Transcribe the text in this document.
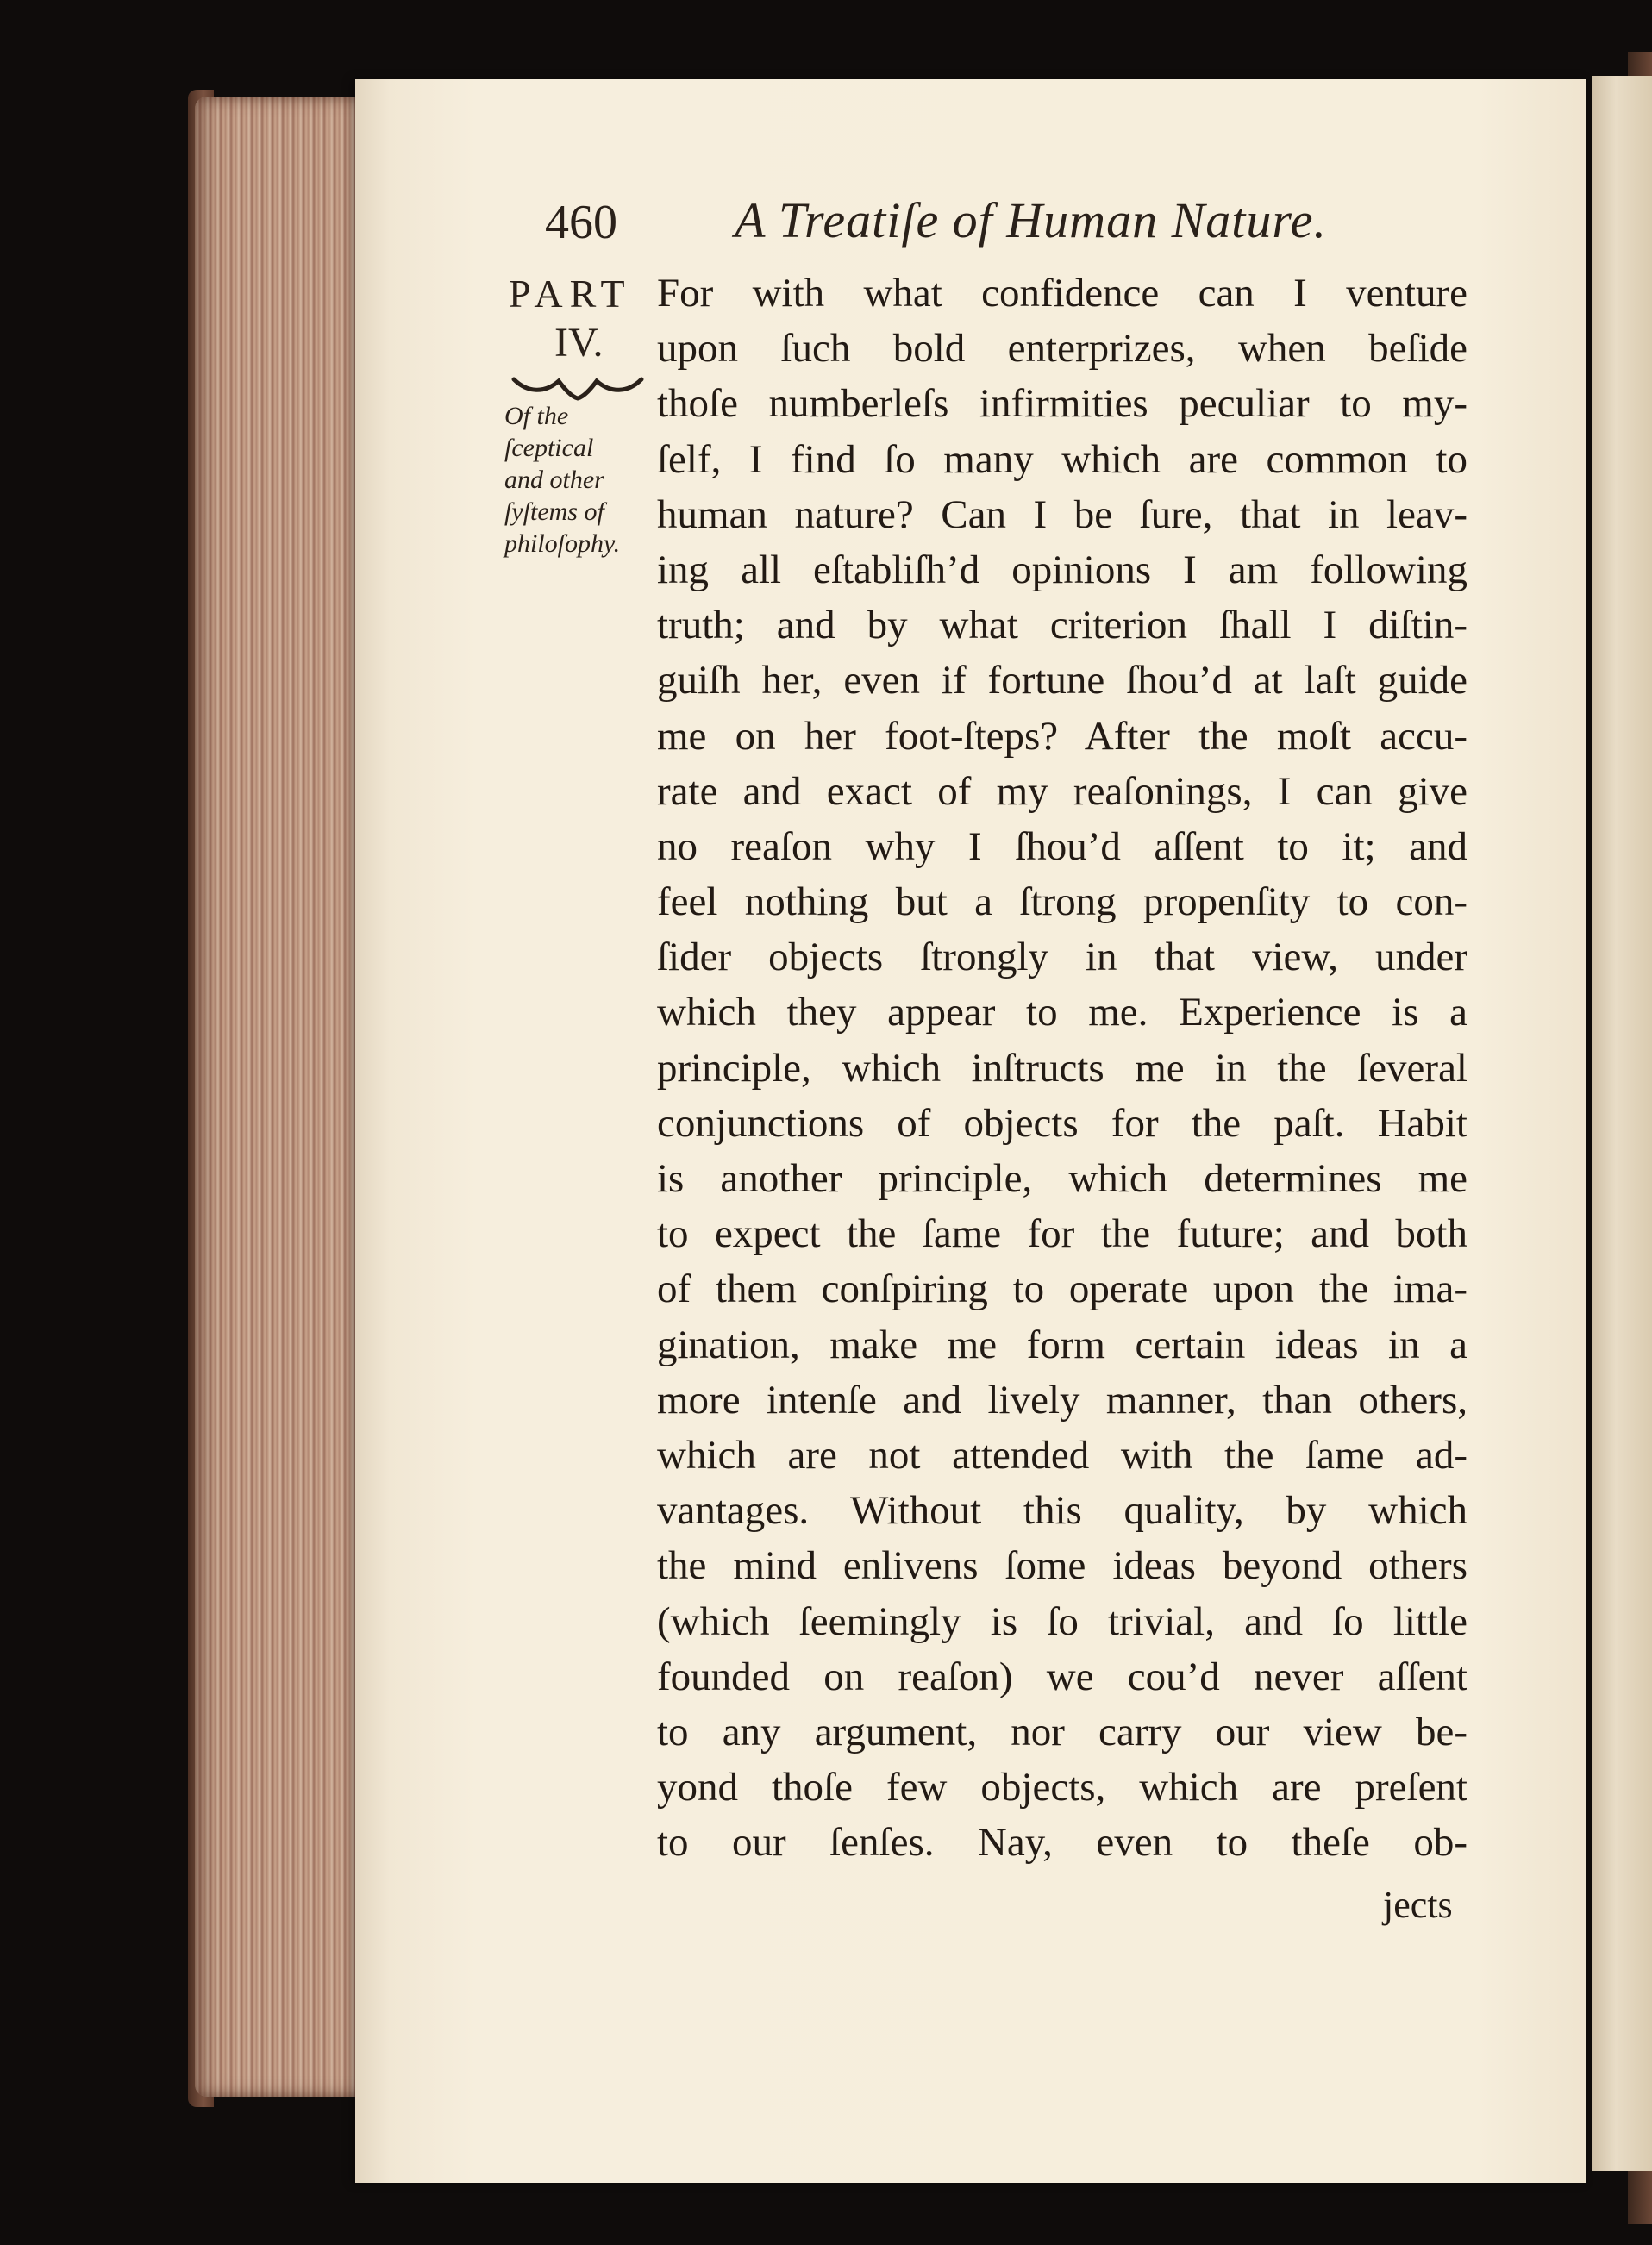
460 A Treatiſe of Human Nature.
PART
IV.
Of the
ſceptical
and other
ſyſtems of
philoſophy.
For with what confidence can I venture
upon ſuch bold enterprizes, when beſide
thoſe numberleſs infirmities peculiar to my-
ſelf, I find ſo many which are common to
human nature? Can I be ſure, that in leav-
ing all eſtabliſh’d opinions I am following
truth; and by what criterion ſhall I diſtin-
guiſh her, even if fortune ſhou’d at laſt guide
me on her foot-ſteps? After the moſt accu-
rate and exact of my reaſonings, I can give
no reaſon why I ſhou’d aſſent to it; and
feel nothing but a ſtrong propenſity to con-
ſider objects ſtrongly in that view, under
which they appear to me. Experience is a
principle, which inſtructs me in the ſeveral
conjunctions of objects for the paſt. Habit
is another principle, which determines me
to expect the ſame for the future; and both
of them conſpiring to operate upon the ima-
gination, make me form certain ideas in a
more intenſe and lively manner, than others,
which are not attended with the ſame ad-
vantages. Without this quality, by which
the mind enlivens ſome ideas beyond others
(which ſeemingly is ſo trivial, and ſo little
founded on reaſon) we cou’d never aſſent
to any argument, nor carry our view be-
yond thoſe few objects, which are preſent
to our ſenſes. Nay, even to theſe ob-
jects
